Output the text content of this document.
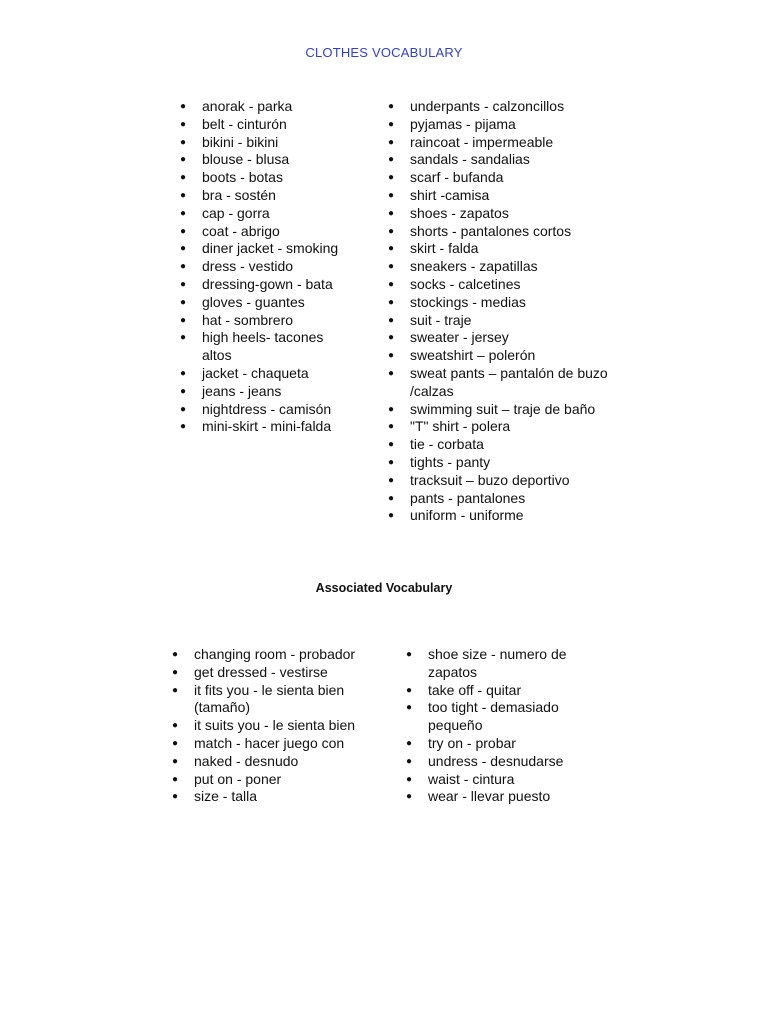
CLOTHES VOCABULARY
● anorak - parka
● belt - cinturón
● bikini - bikini
● blouse - blusa
● boots - botas
● bra - sostén
● cap - gorra
● coat - abrigo
● diner jacket - smoking
● dress - vestido
● dressing-gown - bata
● gloves - guantes
● hat - sombrero
● high heels- tacones altos
● jacket - chaqueta
● jeans - jeans
● nightdress - camisón
● mini-skirt - mini-falda
● underpants - calzoncillos
● pyjamas - pijama
● raincoat - impermeable
● sandals - sandalias
● scarf - bufanda
● shirt -camisa
● shoes - zapatos
● shorts - pantalones cortos
● skirt - falda
● sneakers - zapatillas
● socks - calcetines
● stockings - medias
● suit - traje
● sweater - jersey
● sweatshirt – polerón
● sweat pants – pantalón de buzo /calzas
● swimming suit – traje de baño
● "T" shirt - polera
● tie - corbata
● tights - panty
● tracksuit – buzo deportivo
● pants - pantalones
● uniform - uniforme
Associated Vocabulary
● changing room - probador
● get dressed - vestirse
● it fits you - le sienta bien (tamaño)
● it suits you - le sienta bien
● match - hacer juego con
● naked - desnudo
● put on - poner
● size - talla
● shoe size - numero de zapatos
● take off - quitar
● too tight - demasiado pequeño
● try on - probar
● undress - desnudarse
● waist - cintura
● wear - llevar puesto
